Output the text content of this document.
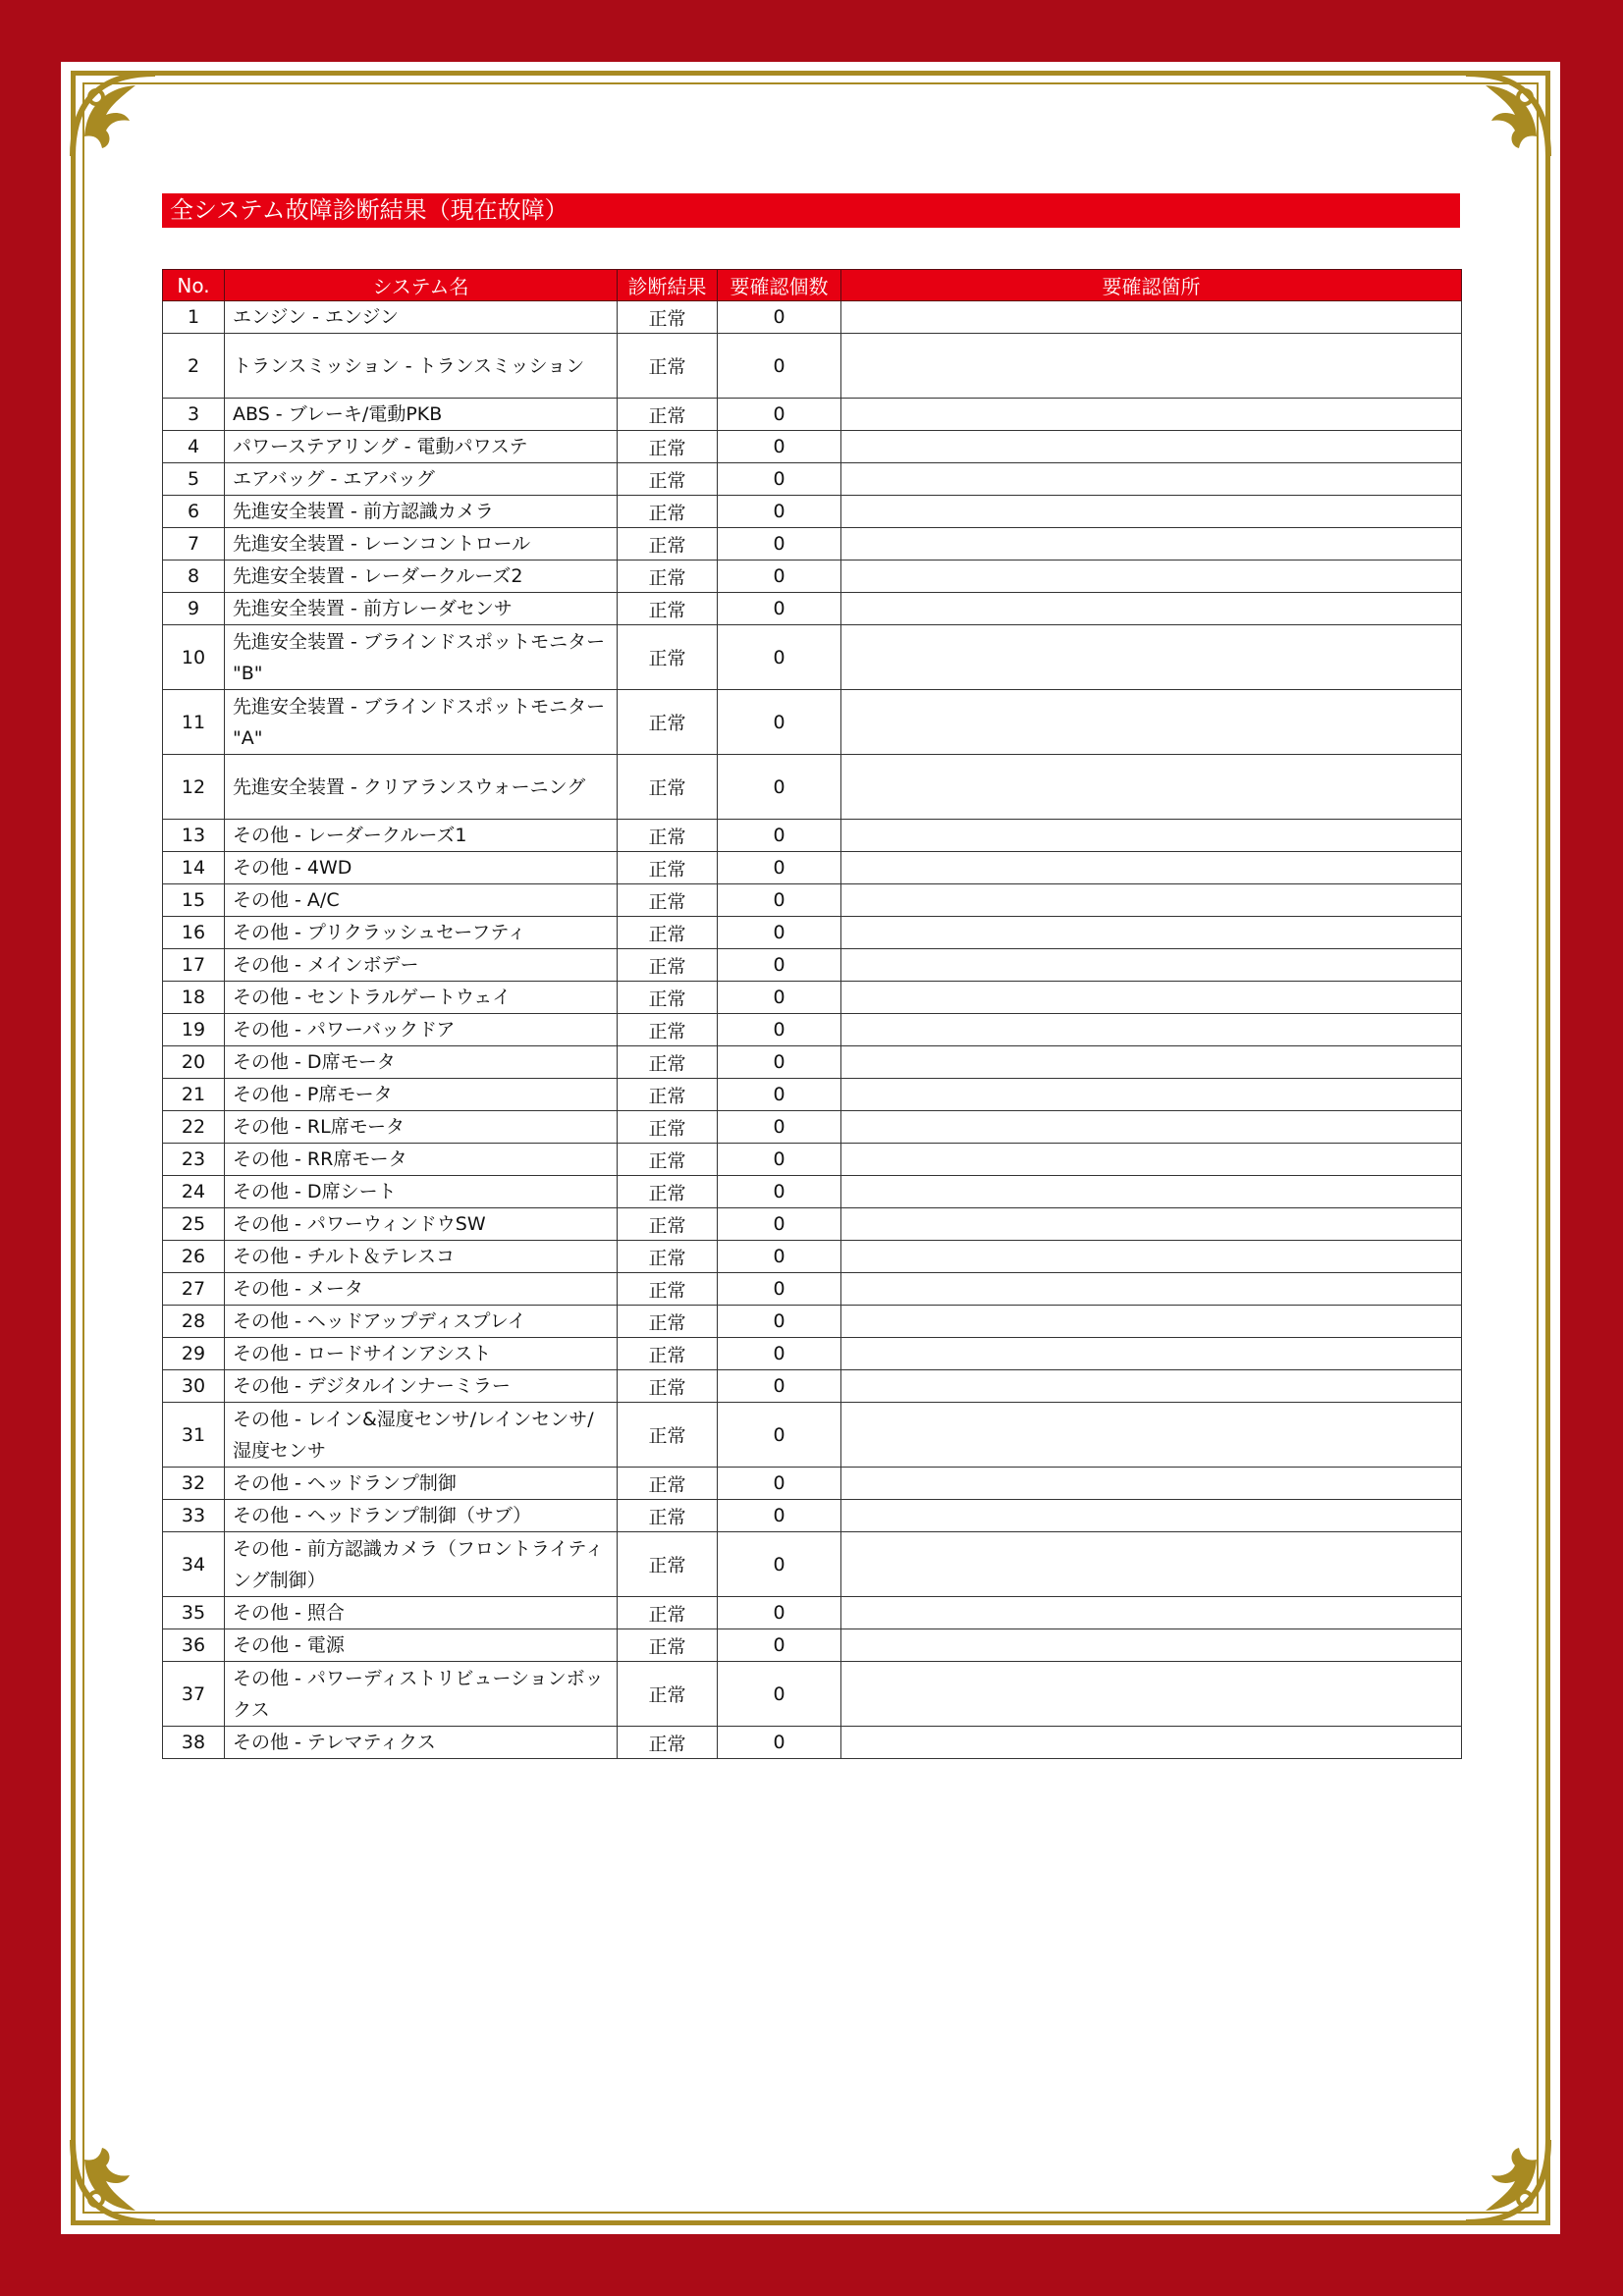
全システム故障診断結果（現在故障）
No.	システム名	診断結果	要確認個数	要確認箇所
1	エンジン - エンジン	正常	0	
2	トランスミッション - トランスミッション	正常	0	
3	ABS - ブレーキ/電動PKB	正常	0	
4	パワーステアリング - 電動パワステ	正常	0	
5	エアバッグ - エアバッグ	正常	0	
6	先進安全装置 - 前方認識カメラ	正常	0	
7	先進安全装置 - レーンコントロール	正常	0	
8	先進安全装置 - レーダークルーズ2	正常	0	
9	先進安全装置 - 前方レーダセンサ	正常	0	
10	先進安全装置 - ブラインドスポットモニター "B"	正常	0	
11	先進安全装置 - ブラインドスポットモニター "A"	正常	0	
12	先進安全装置 - クリアランスウォーニング	正常	0	
13	その他 - レーダークルーズ1	正常	0	
14	その他 - 4WD	正常	0	
15	その他 - A/C	正常	0	
16	その他 - プリクラッシュセーフティ	正常	0	
17	その他 - メインボデー	正常	0	
18	その他 - セントラルゲートウェイ	正常	0	
19	その他 - パワーバックドア	正常	0	
20	その他 - D席モータ	正常	0	
21	その他 - P席モータ	正常	0	
22	その他 - RL席モータ	正常	0	
23	その他 - RR席モータ	正常	0	
24	その他 - D席シート	正常	0	
25	その他 - パワーウィンドウSW	正常	0	
26	その他 - チルト＆テレスコ	正常	0	
27	その他 - メータ	正常	0	
28	その他 - ヘッドアップディスプレイ	正常	0	
29	その他 - ロードサインアシスト	正常	0	
30	その他 - デジタルインナーミラー	正常	0	
31	その他 - レイン&湿度センサ/レインセンサ/湿度センサ	正常	0	
32	その他 - ヘッドランプ制御	正常	0	
33	その他 - ヘッドランプ制御（サブ）	正常	0	
34	その他 - 前方認識カメラ（フロントライティング制御）	正常	0	
35	その他 - 照合	正常	0	
36	その他 - 電源	正常	0	
37	その他 - パワーディストリビューションボックス	正常	0	
38	その他 - テレマティクス	正常	0	
